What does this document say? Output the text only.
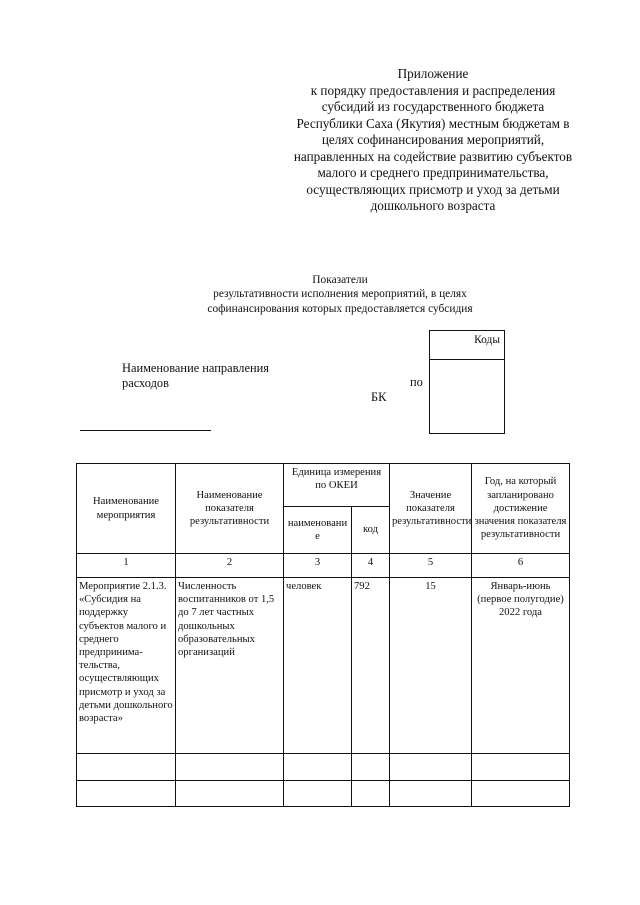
Приложение
к порядку предоставления и распределения
субсидий из государственного бюджета
Республики Саха (Якутия) местным бюджетам в
целях софинансирования мероприятий,
направленных на содействие развитию субъектов
малого и среднего предпринимательства,
осуществляющих присмотр и уход за детьми
дошкольного возраста
Показатели
результативности исполнения мероприятий, в целях
софинансирования которых предоставляется субсидия
Коды
Наименование направления
расходов	по
БК
Наименование мероприятия	Наименование показателя результативности	Единица измерения по ОКЕИ		Значение показателя результативности	Год, на который запланировано достижение значения показателя результативности
		наименование	код		
1	2	3	4	5	6
Мероприятие 2.1.3. «Субсидия на поддержку субъектов малого и среднего предпринима-тельства, осуществляющих присмотр и уход за детьми дошкольного возраста»	Численность воспитанников от 1,5 до 7 лет частных дошкольных образовательных организаций	человек	792	15	Январь-июнь (первое полугодие) 2022 года
